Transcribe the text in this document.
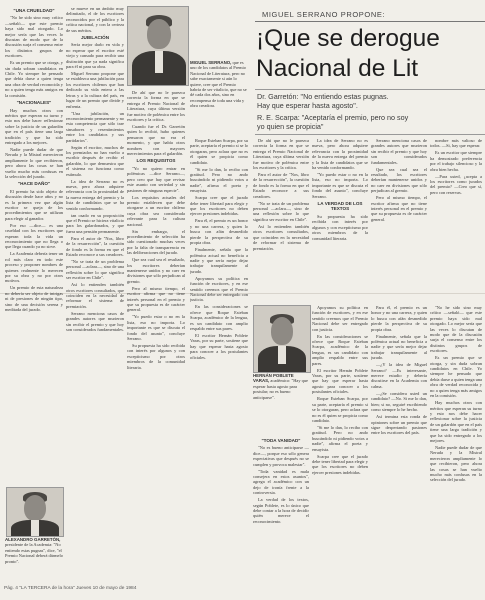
"UNA CRUELDAD"

"No he sido sino muy crítico —señaló— que este premio haya sido mal otorgado. Lo mejor sería que las veces lo discutan de modo que de la discusión surja el consenso entre los distintos grupos de escritores.

Es un premio que se otorga, y sin duda sobran candidatos en Chile. Yo siempre he pensado que debía darse a quien tenga una obra de verdad reconocida y no a quien tenga más amigos en la comisión.

"NACIONALES"

Hay muchos otros con méritos que esperan su turno y esto nos debe hacer reflexionar sobre la justicia de un galardón que en el país tiene una larga tradición y que ha sido entregado a los mejores.

Nadie puede dudar de que Neruda y la Mistral merecieron ampliamente lo que recibieron, pero ahora las cosas se han vuelto mucho más confusas en la selección del jurado.

"HACE DAÑO"

El premio ha sido objeto de discusión desde hace años y no es la primera vez que algún escritor se queja de los procedimientos que se utilizan para elegir al ganador.

Por eso —dice— es una crueldad con los escritores que esperan toda la vida un reconocimiento que no llega o que llega cuando ya no sirve.

La Academia debería tener un rol más claro en todo este proceso y proponer nombres de quienes realmente lo merecen por su obra y no por otros motivos.

Un premio de esta naturaleza no debería ser objeto de intrigas ni de presiones de ningún tipo, sino de una decisión serena y meditada del jurado.

ALEXANDRO GARRETÓN, presidente de la Academia: "No entiendo estas pugnas", dice, "el Premio Nacional deberá dármelo pronto".

se mueve en un ámbito muy delimitado, el de los escritores reconocidos por el público y la crítica nacional, y con la certeza de sus méritos.

JUBILACIÓN

Sería mejor darlo en vida y no esperar que el escritor esté viejo y cansado para recibir una distinción que ya nada significa para él ni para su obra.

Miguel Serrano propone que se establezca una jubilación para los escritores chilenos que han dedicado su vida entera a las letras y a la cultura del país, en lugar de un premio que divide y enfrenta.

"Una jubilación, un reconocimiento permanente y no esta competencia que sólo trae sinsabores y resentimientos entre los candidatos y sus partidarios".

Según el escritor, muchos de los premiados no han vuelto a escribir después de recibir el galardón, lo que demuestra que el sistema no funciona como estímulo.

La idea de Serrano no es nueva, pero ahora adquiere relevancia con la proximidad de la nueva entrega del premio y la lista de candidatos que se ha venido conformando.

tan osado en su proposición que el Premio se hiciera vitalicio para los galardonados, y que fuera una pensión permanente.

Para el autor de "Nos, libro de la resurrección", la cuestión de fondo es la forma en que el Estado reconoce a sus creadores.

"No se trata de un problema personal —aclara—, sino de una reflexión sobre lo que significa ser escritor en Chile".

Así lo entienden también otros escritores consultados, que coinciden en la necesidad de reformar el sistema de premiación.

Serrano menciona casos de grandes autores que murieron sin recibir el premio y que hoy son considerados fundamentales.

MIGUEL SERRANO, que es uno de los candidatos al Premio Nacional de Literatura, pero no sabe exactamente si aún lo quiere, cree que el Premio habría de ser vitalicio, que no se dé cada dos años, sino en recompensa de toda una vida y obra creadora.

De ahí que no le parezca correcta la forma en que se entrega el Premio Nacional de Literatura, cuya última versión fue motivo de polémica entre los escritores y la crítica.

Cuando fue el Dr. Garretón quien lo recibió, hubo quienes pensaron que no era el momento, y que había otros nombres con mayores merecimientos para el galardón.

LOS REQUISITOS

"Yo no quiero entrar en polémicas —dice Serrano—, pero creo que hay que revisar este asunto con seriedad y sin pasiones de ninguna especie".

Los requisitos actuales del premio establecen que debe otorgarse a un escritor chileno cuya obra sea considerada relevante para la cultura nacional.

Sin embargo, el procedimiento de selección ha sido cuestionado muchas veces por la falta de transparencia en las deliberaciones del jurado.

Que sea cual sea el resultado, los escritores deberían mantenerse unidos y no caer en divisiones que sólo perjudican al gremio.

Pero al mismo tiempo, el escritor afirma que no tiene interés personal en el premio y que su propuesta es de carácter general.

"Yo puedo estar o no en la lista, eso no importa. Lo importante es que se discuta el fondo del asunto", concluye Serrano.

Su propuesta ha sido recibida con interés por algunos y con escepticismo por otros miembros de la comunidad literaria.

Roque Esteban Scarpa, por su parte, aceptaría el premio si se lo otorgaran, pero aclara que no es él quien se propicia como candidato.

"Si me lo dan, lo recibo con gratitud. Pero no ando buscándolo ni pidiendo votos a nadie", afirma el poeta y ensayista.

Scarpa cree que el jurado debe tener libertad para elegir y que los escritores no deben ejercer presiones indebidas.

Para él, el premio es un honor y no una carrera, y quien lo busca con afán desmedido pierde la perspectiva de su propia obra.

Finalmente, señala que la polémica actual no beneficia a nadie y que sería mejor dejar trabajar tranquilamente al jurado.

Apoyamos su política en función de escritores, y en ese sentido creemos que el Premio Nacional debe ser entregado con justicia.

En las consideraciones se ofrece que Roque Esteban Scarpa, académico de la lengua, es un candidato con amplio respaldo entre sus pares.

El escritor Hernán Poblete Varas, por su parte, sostiene que hay que esperar hasta agosto para conocer a los postulantes oficiales.

MIGUEL SERRANO PROPONE:
¡Que se derogue
Nacional de Lit
Dr. Garretón: "No entiendo estas pugnas.
Hay que esperar hasta agosto".
R. E. Scarpa: "Aceptaría el premio, pero no soy
yo quien se propicia"

De ahí que no le parezca correcta la forma en que se entrega el Premio Nacional de Literatura, cuya última versión fue motivo de polémica entre los escritores y la crítica.

Para el autor de "Nos, libro de la resurrección", la cuestión de fondo es la forma en que el Estado reconoce a sus creadores.

"No se trata de un problema personal —aclara—, sino de una reflexión sobre lo que significa ser escritor en Chile".

Así lo entienden también otros escritores consultados, que coinciden en la necesidad de reformar el sistema de premiación.

La idea de Serrano no es nueva, pero ahora adquiere relevancia con la proximidad de la nueva entrega del premio y la lista de candidatos que se ha venido conformando.

"Yo puedo estar o no en la lista, eso no importa. Lo importante es que se discuta el fondo del asunto", concluye Serrano.

LA VERDAD DE LOS TEXTOS

Su propuesta ha sido recibida con interés por algunos y con escepticismo por otros miembros de la comunidad literaria.

Serrano menciona casos de grandes autores que murieron sin recibir el premio y que hoy son considerados fundamentales.

Que sea cual sea el resultado, los escritores deberían mantenerse unidos y no caer en divisiones que sólo perjudican al gremio.

Pero al mismo tiempo, el escritor afirma que no tiene interés personal en el premio y que su propuesta es de carácter general.

nombre más valioso de todos. —Si, hay que esperar.

Es un escritor que siempre ha demostrado preferencia por el trabajo silencioso y la obra bien hecha.

—Para usted, ¿acepta a los escritores como jurados del premio? —Creo que sí, pero con reservas.

HERNÁN POBLETE VARAS, académico: "Hay que esperar hasta agosto para postular; no es bueno anticiparse".
"TODA VANIDAD"

"No es bueno anticiparse —dice—, porque eso sólo genera expectativas que después no se cumplen y provoca malestar".

"Toda vanidad es mala consejera en estos asuntos", agrega el académico con un dejo de ironía frente a la controversia.

La verdad de los textos, según Poblete, es lo único que debe contar a la hora de decidir quién merece el reconocimiento.

Apoyamos su política en función de escritores, y en ese sentido creemos que el Premio Nacional debe ser entregado con justicia.

En las consideraciones se ofrece que Roque Esteban Scarpa, académico de la lengua, es un candidato con amplio respaldo entre sus pares.

El escritor Hernán Poblete Varas, por su parte, sostiene que hay que esperar hasta agosto para conocer a los postulantes oficiales.

Roque Esteban Scarpa, por su parte, aceptaría el premio si se lo otorgaran, pero aclara que no es él quien se propicia como candidato.

"Si me lo dan, lo recibo con gratitud. Pero no ando buscándolo ni pidiendo votos a nadie", afirma el poeta y ensayista.

Scarpa cree que el jurado debe tener libertad para elegir y que los escritores no deben ejercer presiones indebidas.

Para él, el premio es un honor y no una carrera, y quien lo busca con afán desmedido pierde la perspectiva de su propia obra.

Finalmente, señala que la polémica actual no beneficia a nadie y que sería mejor dejar trabajar tranquilamente al jurado.

—¿Y la idea de Miguel Serrano? —Es interesante, merece estudio y debería discutirse en la Academia con calma.

—¿Se considera usted un candidato? —No. Si me lo dan, bien; si no, seguiré escribiendo como siempre lo he hecho.

Así termina esta ronda de opiniones sobre un premio que sigue despertando pasiones entre los escritores del país.

"No he sido sino muy crítico —señaló— que este premio haya sido mal otorgado. Lo mejor sería que las veces lo discutan de modo que de la discusión surja el consenso entre los distintos grupos de escritores.

Es un premio que se otorga, y sin duda sobran candidatos en Chile. Yo siempre he pensado que debía darse a quien tenga una obra de verdad reconocida y no a quien tenga más amigos en la comisión.

Hay muchos otros con méritos que esperan su turno y esto nos debe hacer reflexionar sobre la justicia de un galardón que en el país tiene una larga tradición y que ha sido entregado a los mejores.

Nadie puede dudar de que Neruda y la Mistral merecieron ampliamente lo que recibieron, pero ahora las cosas se han vuelto mucho más confusas en la selección del jurado.

Pág. 4 "LA TERCERA de la hora" Jueves 10 de mayo de 1984
